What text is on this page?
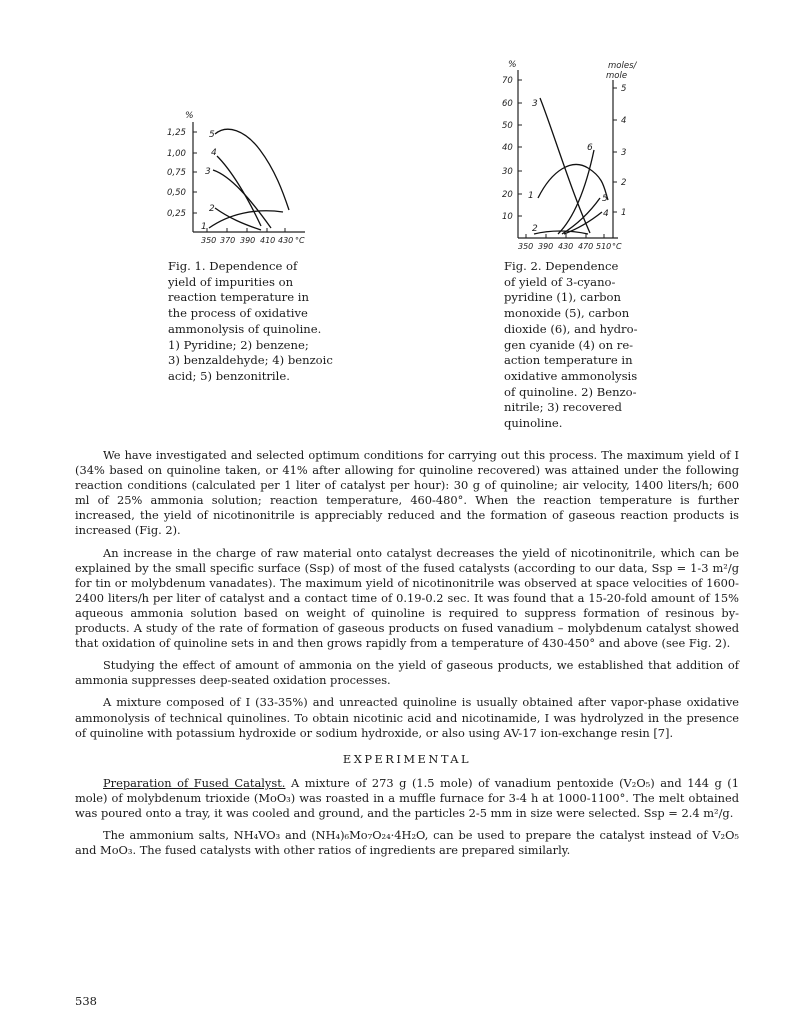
%
1,25
1,00
0,75
0,50
0,25
350 370 390 410 430 °C
5
4
3
2
1
%	moles/ mole
70
60
50
40
30
20
10
5
4
3
2
1
350 390 430 470 510 °C
3
1
6
5
4
2
Fig. 1. Dependence of
yield of impurities on
reaction temperature in
the process of oxidative
ammonolysis of quinoline.
1) Pyridine; 2) benzene;
3) benzaldehyde; 4) benzoic
acid; 5) benzonitrile.
Fig. 2. Dependence
of yield of 3-cyano-
pyridine (1), carbon
monoxide (5), carbon
dioxide (6), and hydro-
gen cyanide (4) on re-
action temperature in
oxidative ammonolysis
of quinoline. 2) Benzo-
nitrile; 3) recovered
quinoline.

We have investigated and selected optimum conditions for carrying out this process. The maximum yield of I (34% based on quinoline taken, or 41% after allowing for quinoline recovered) was attained under the following reaction conditions (calculated per 1 liter of catalyst per hour): 30 g of quinoline; air velocity, 1400 liters/h; 600 ml of 25% ammonia solution; reaction temperature, 460-480°. When the reaction temperature is further increased, the yield of nicotinonitrile is appreciably reduced and the formation of gaseous reaction products is increased (Fig. 2).

An increase in the charge of raw material onto catalyst decreases the yield of nicotinonitrile, which can be explained by the small specific surface (Ssp) of most of the fused catalysts (according to our data, Ssp = 1-3 m²/g for tin or molybdenum vanadates). The maximum yield of nicotinonitrile was observed at space velocities of 1600-2400 liters/h per liter of catalyst and a contact time of 0.19-0.2 sec. It was found that a 15-20-fold amount of 15% aqueous ammonia solution based on weight of quinoline is required to suppress formation of resinous by-products. A study of the rate of formation of gaseous products on fused vanadium – molybdenum catalyst showed that oxidation of quinoline sets in and then grows rapidly from a temperature of 430-450° and above (see Fig. 2).

Studying the effect of amount of ammonia on the yield of gaseous products, we established that addition of ammonia suppresses deep-seated oxidation processes.

A mixture composed of I (33-35%) and unreacted quinoline is usually obtained after vapor-phase oxidative ammonolysis of technical quinolines. To obtain nicotinic acid and nicotinamide, I was hydrolyzed in the presence of quinoline with potassium hydroxide or sodium hydroxide, or also using AV-17 ion-exchange resin [7].

EXPERIMENTAL

Preparation of Fused Catalyst. A mixture of 273 g (1.5 mole) of vanadium pentoxide (V₂O₅) and 144 g (1 mole) of molybdenum trioxide (MoO₃) was roasted in a muffle furnace for 3-4 h at 1000-1100°. The melt obtained was poured onto a tray, it was cooled and ground, and the particles 2-5 mm in size were selected. Ssp = 2.4 m²/g.

The ammonium salts, NH₄VO₃ and (NH₄)₆Mo₇O₂₄·4H₂O, can be used to prepare the catalyst instead of V₂O₅ and MoO₃. The fused catalysts with other ratios of ingredients are prepared similarly.

538
